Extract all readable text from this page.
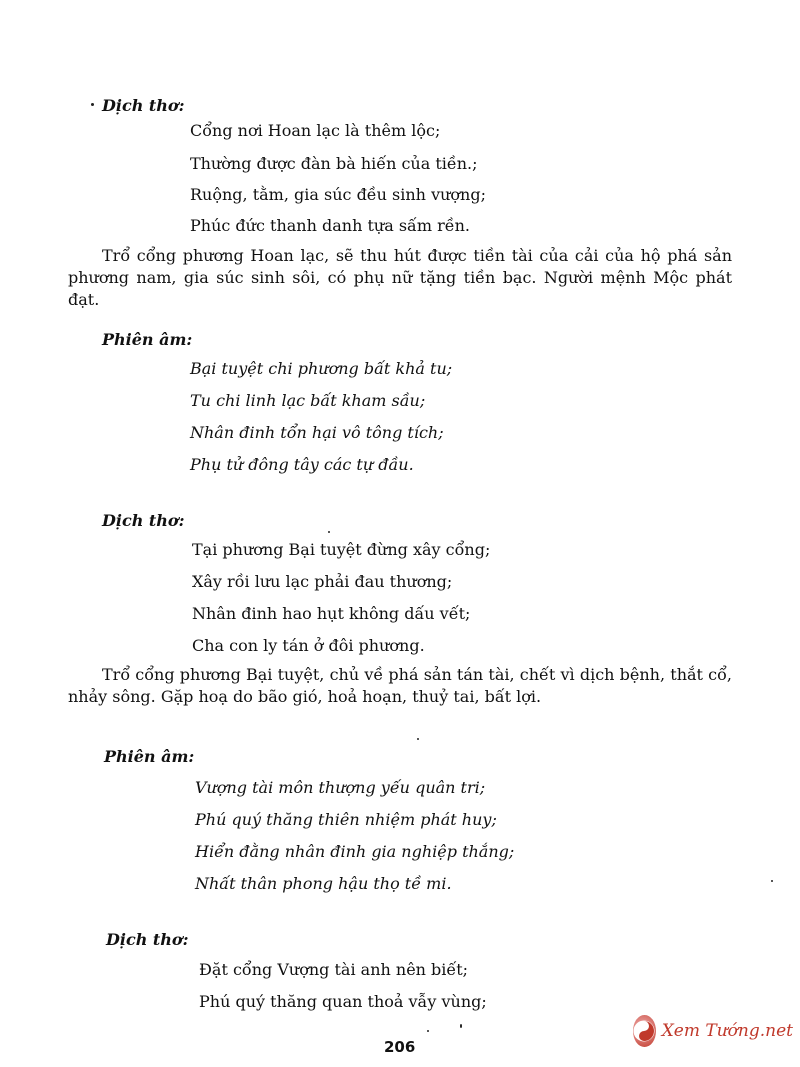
Dịch thơ:
Cổng nơi Hoan lạc là thêm lộc;
Thường được đàn bà hiến của tiền.;
Ruộng, tằm, gia súc đều sinh vượng;
Phúc đức thanh danh tựa sấm rền.
Trổ cổng phương Hoan lạc, sẽ thu hút được tiền tài của cải của hộ phá sản phương nam, gia súc sinh sôi, có phụ nữ tặng tiền bạc. Người mệnh Mộc phát đạt.
Phiên âm:
Bại tuyệt chi phương bất khả tu;
Tu chi linh lạc bất kham sầu;
Nhân đinh tổn hại vô tông tích;
Phụ tử đông tây các tự đầu.
Dịch thơ:
Tại phương Bại tuyệt đừng xây cổng;
Xây rồi lưu lạc phải đau thương;
Nhân đinh hao hụt không dấu vết;
Cha con ly tán ở đôi phương.
Trổ cổng phương Bại tuyệt, chủ về phá sản tán tài, chết vì dịch bệnh, thắt cổ, nhảy sông. Gặp hoạ do bão gió, hoả hoạn, thuỷ tai, bất lợi.
Phiên âm:
Vượng tài môn thượng yếu quân tri;
Phú quý thăng thiên nhiệm phát huy;
Hiển đằng nhân đinh gia nghiệp thắng;
Nhất thân phong hậu thọ tề mi.
Dịch thơ:
Đặt cổng Vượng tài anh nên biết;
Phú quý thăng quan thoả vẫy vùng;
206
Xem Tướng.net
